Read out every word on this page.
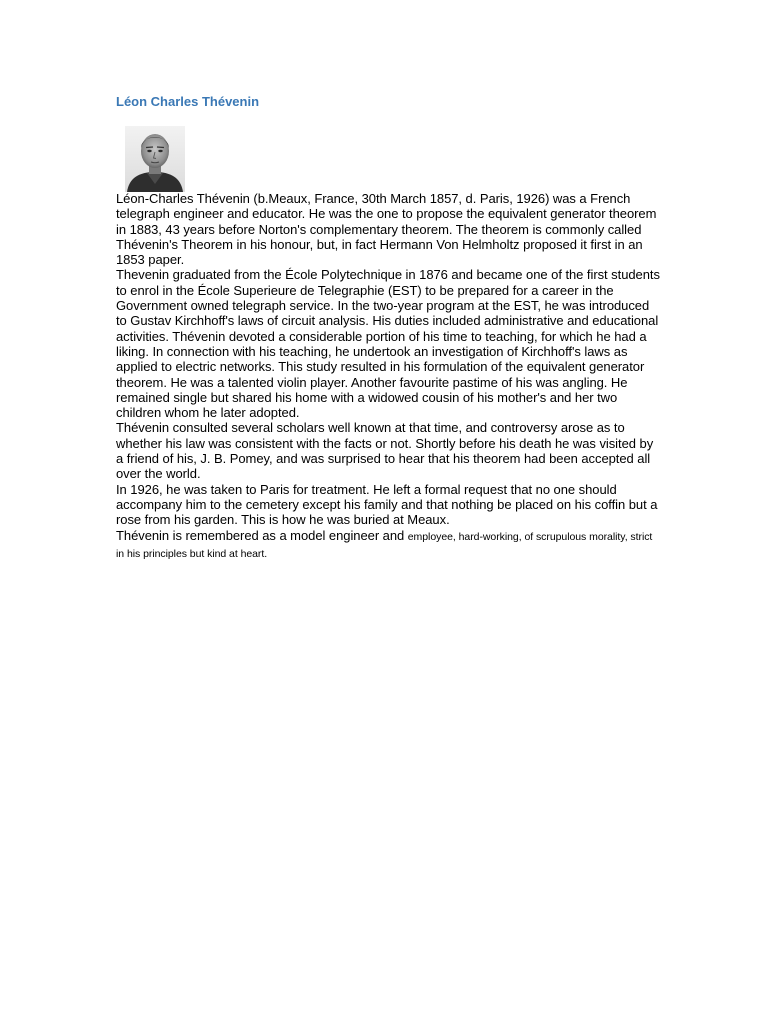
Léon Charles Thévenin

Léon-Charles Thévenin (b.Meaux, France, 30th March 1857, d. Paris, 1926) was a French telegraph engineer and educator. He was the one to propose the equivalent generator theorem in 1883, 43 years before Norton's complementary theorem. The theorem is commonly called Thévenin's Theorem in his honour, but, in fact Hermann Von Helmholtz proposed it first in an 1853 paper.

Thevenin graduated from the École Polytechnique in 1876 and became one of the first students to enrol in the École Superieure de Telegraphie (EST) to be prepared for a career in the Government owned telegraph service. In the two-year program at the EST, he was introduced to Gustav Kirchhoff's laws of circuit analysis. His duties included administrative and educational activities. Thévenin devoted a considerable portion of his time to teaching, for which he had a liking. In connection with his teaching, he undertook an investigation of Kirchhoff's laws as applied to electric networks. This study resulted in his formulation of the equivalent generator theorem. He was a talented violin player. Another favourite pastime of his was angling. He remained single but shared his home with a widowed cousin of his mother's and her two children whom he later adopted.

Thévenin consulted several scholars well known at that time, and controversy arose as to whether his law was consistent with the facts or not. Shortly before his death he was visited by a friend of his, J. B. Pomey, and was surprised to hear that his theorem had been accepted all over the world.

In 1926, he was taken to Paris for treatment. He left a formal request that no one should accompany him to the cemetery except his family and that nothing be placed on his coffin but a rose from his garden. This is how he was buried at Meaux.

Thévenin is remembered as a model engineer and employee, hard-working, of scrupulous morality, strict in his principles but kind at heart.
